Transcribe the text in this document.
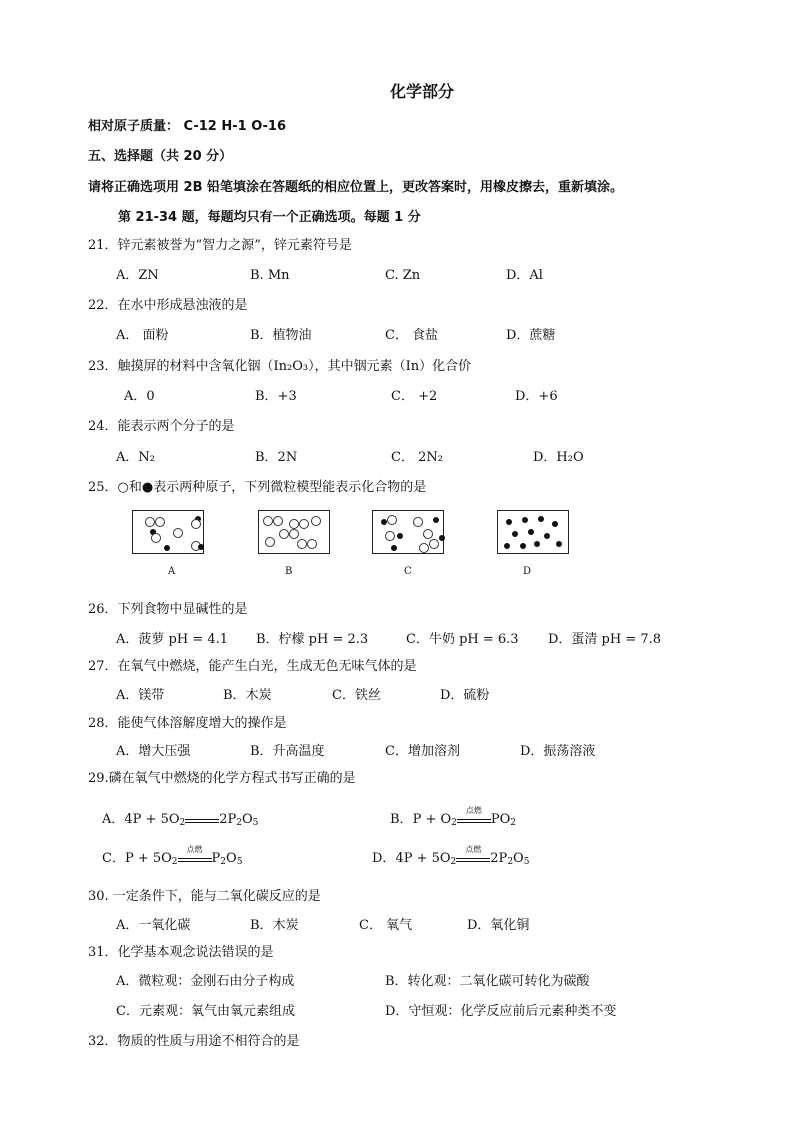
化学部分
相对原子质量： C-12 H-1 O-16
五、选择题（共 20 分）
请将正确选项用 2B 铅笔填涂在答题纸的相应位置上，更改答案时，用橡皮擦去，重新填涂。
第 21-34 题，每题均只有一个正确选项。每题 1 分
21．锌元素被誉为“智力之源”，锌元素符号是
A．ZN	B. Mn	C. Zn	D．Al
22．在水中形成悬浊液的是
A． 面粉	B．植物油	C． 食盐	D．蔗糖
23．触摸屏的材料中含氧化铟（In₂O₃），其中铟元素（In）化合价
A．0	B．+3	C． +2	D．+6
24．能表示两个分子的是
A．N₂	B．2N	C． 2N₂	D．H₂O
25．○和●表示两种原子，下列微粒模型能表示化合物的是
A	B	C	D
26．下列食物中显碱性的是
A．菠萝 pH = 4.1 B．柠檬 pH = 2.3	C．牛奶 pH = 6.3 D．蛋清 pH = 7.8
27．在氧气中燃烧，能产生白光，生成无色无味气体的是
A．镁带	B．木炭	C．铁丝	D．硫粉
28．能使气体溶解度增大的操作是
A．增大压强	B．升高温度	C．增加溶剂	D．振荡溶液
29.磷在氧气中燃烧的化学方程式书写正确的是
A．$4P + 5O_2$	$2P_2O_5$	B．$P + O_2$
点燃
$PO_2$
C．$P + 5O_2$
点燃
$P_2O_5$	D．$4P + 5O_2$
点燃
$2P_2O_5$
30. 一定条件下，能与二氧化碳反应的是
A．一氧化碳	B．木炭	C． 氧气	D．氧化铜
31．化学基本观念说法错误的是
A．微粒观：金刚石由分子构成	B．转化观：二氧化碳可转化为碳酸
C．元素观：氧气由氧元素组成	D．守恒观：化学反应前后元素种类不变
32．物质的性质与用途不相符合的是
